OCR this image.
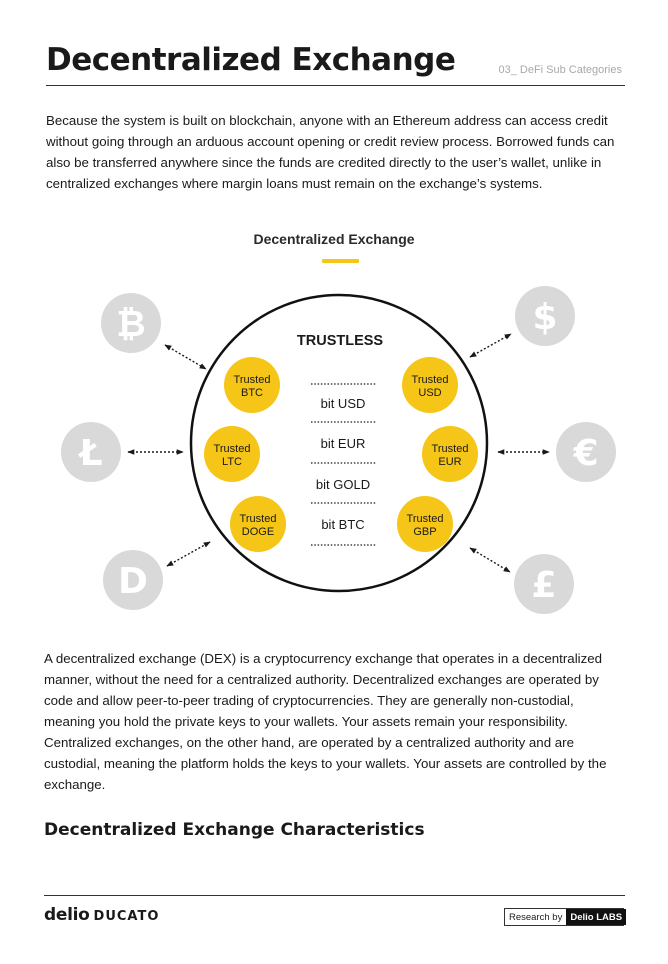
Decentralized Exchange	03_ DeFi Sub Categories

Because the system is built on blockchain, anyone with an Ethereum address can access credit without going through an arduous account opening or credit review process. Borrowed funds can also be transferred anywhere since the funds are credited directly to the user’s wallet, unlike in centralized exchanges where margin loans must remain on the exchange’s systems.

Decentralized Exchange
₿
Ł
D
$
€
£
TRUSTLESS
Trusted BTC
Trusted LTC
Trusted DOGE
Trusted USD
Trusted EUR
Trusted GBP
bit USD
bit EUR
bit GOLD
bit BTC

A decentralized exchange (DEX) is a cryptocurrency exchange that operates in a decentralized manner, without the need for a centralized authority. Decentralized exchanges are operated by code and allow peer-to-peer trading of cryptocurrencies. They are generally non-custodial, meaning you hold the private keys to your wallets. Your assets remain your responsibility. Centralized exchanges, on the other hand, are operated by a centralized authority and are custodial, meaning the platform holds the keys to your wallets. Your assets are controlled by the exchange.

Decentralized Exchange Characteristics
delio DUCATO	Research by Delio LABS
